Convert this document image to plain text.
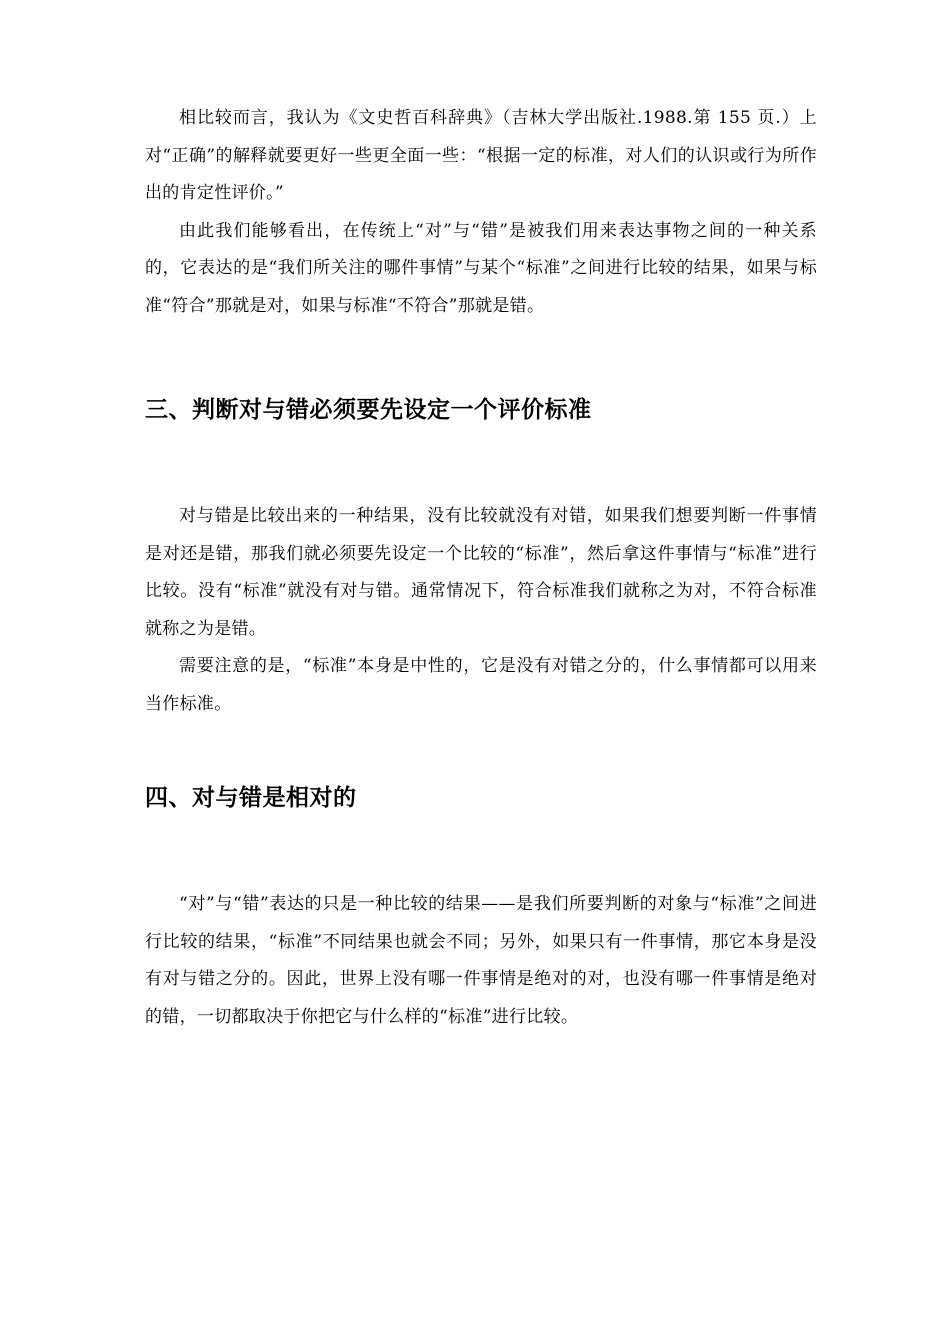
相比较而言，我认为《文史哲百科辞典》（吉林大学出版社.1988.第 155 页.）上对“正确”的解释就要更好一些更全面一些：“根据一定的标准，对人们的认识或行为所作出的肯定性评价。”

由此我们能够看出，在传统上“对”与“错”是被我们用来表达事物之间的一种关系的，它表达的是“我们所关注的哪件事情”与某个“标准”之间进行比较的结果，如果与标准“符合”那就是对，如果与标准“不符合”那就是错。

三、判断对与错必须要先设定一个评价标准

对与错是比较出来的一种结果，没有比较就没有对错，如果我们想要判断一件事情是对还是错，那我们就必须要先设定一个比较的“标准”，然后拿这件事情与“标准”进行比较。没有“标准”就没有对与错。通常情况下，符合标准我们就称之为对，不符合标准就称之为是错。

需要注意的是，“标准”本身是中性的，它是没有对错之分的，什么事情都可以用来当作标准。

四、对与错是相对的

“对”与“错”表达的只是一种比较的结果——是我们所要判断的对象与“标准”之间进行比较的结果，“标准”不同结果也就会不同；另外，如果只有一件事情，那它本身是没有对与错之分的。因此，世界上没有哪一件事情是绝对的对，也没有哪一件事情是绝对的错，一切都取决于你把它与什么样的“标准”进行比较。
